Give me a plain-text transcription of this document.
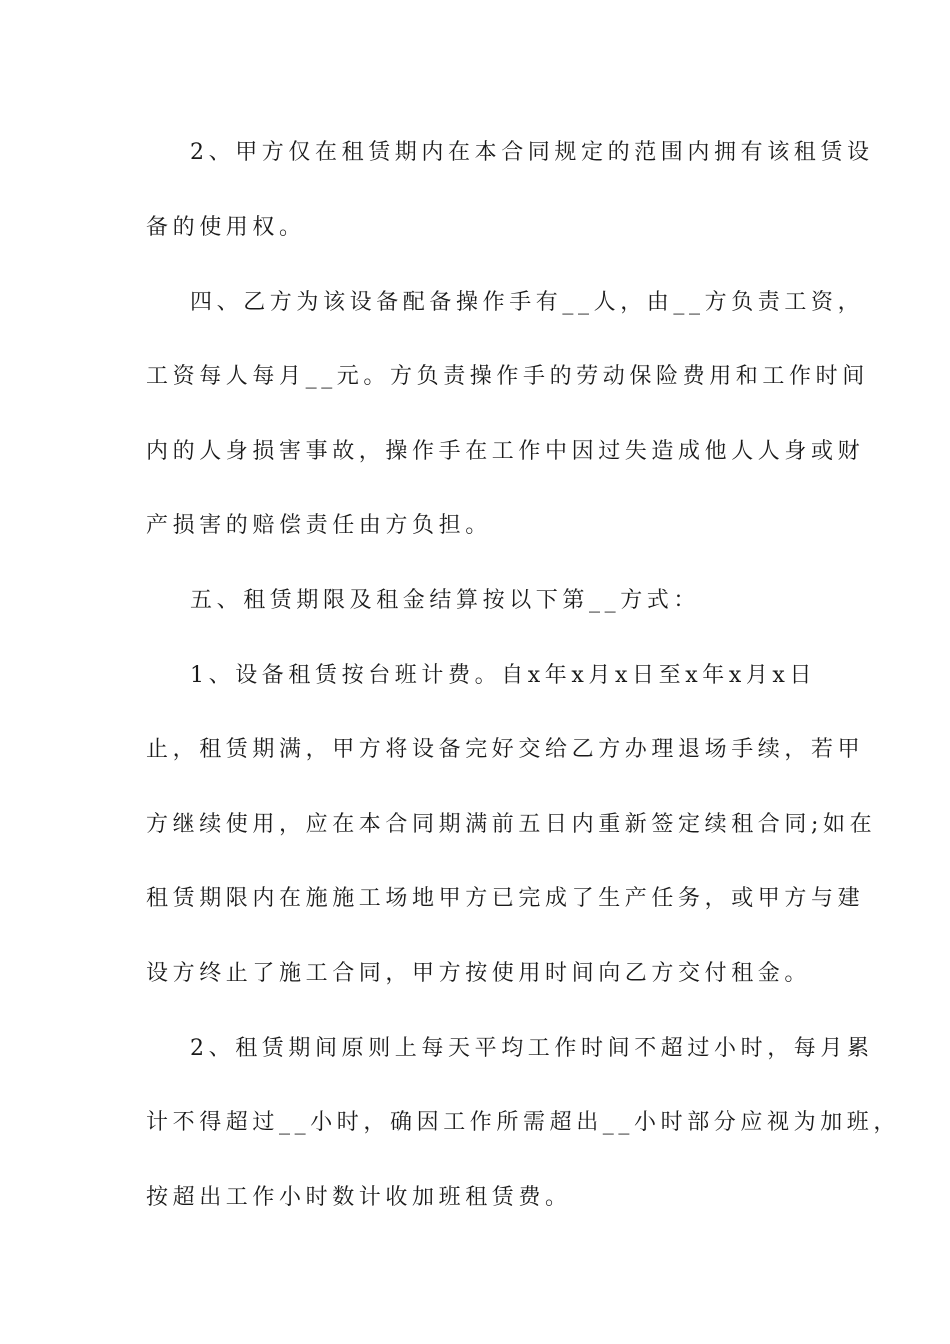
2、甲方仅在租赁期内在本合同规定的范围内拥有该租赁设
备的使用权。
四、乙方为该设备配备操作手有__人，由__方负责工资，
工资每人每月__元。方负责操作手的劳动保险费用和工作时间
内的人身损害事故，操作手在工作中因过失造成他人人身或财
产损害的赔偿责任由方负担。
五、租赁期限及租金结算按以下第__方式：
1、设备租赁按台班计费。自x年x月x日至x年x月x日
止，租赁期满，甲方将设备完好交给乙方办理退场手续，若甲
方继续使用，应在本合同期满前五日内重新签定续租合同;如在
租赁期限内在施施工场地甲方已完成了生产任务，或甲方与建
设方终止了施工合同，甲方按使用时间向乙方交付租金。
2、租赁期间原则上每天平均工作时间不超过小时，每月累
计不得超过__小时，确因工作所需超出__小时部分应视为加班，
按超出工作小时数计收加班租赁费。
